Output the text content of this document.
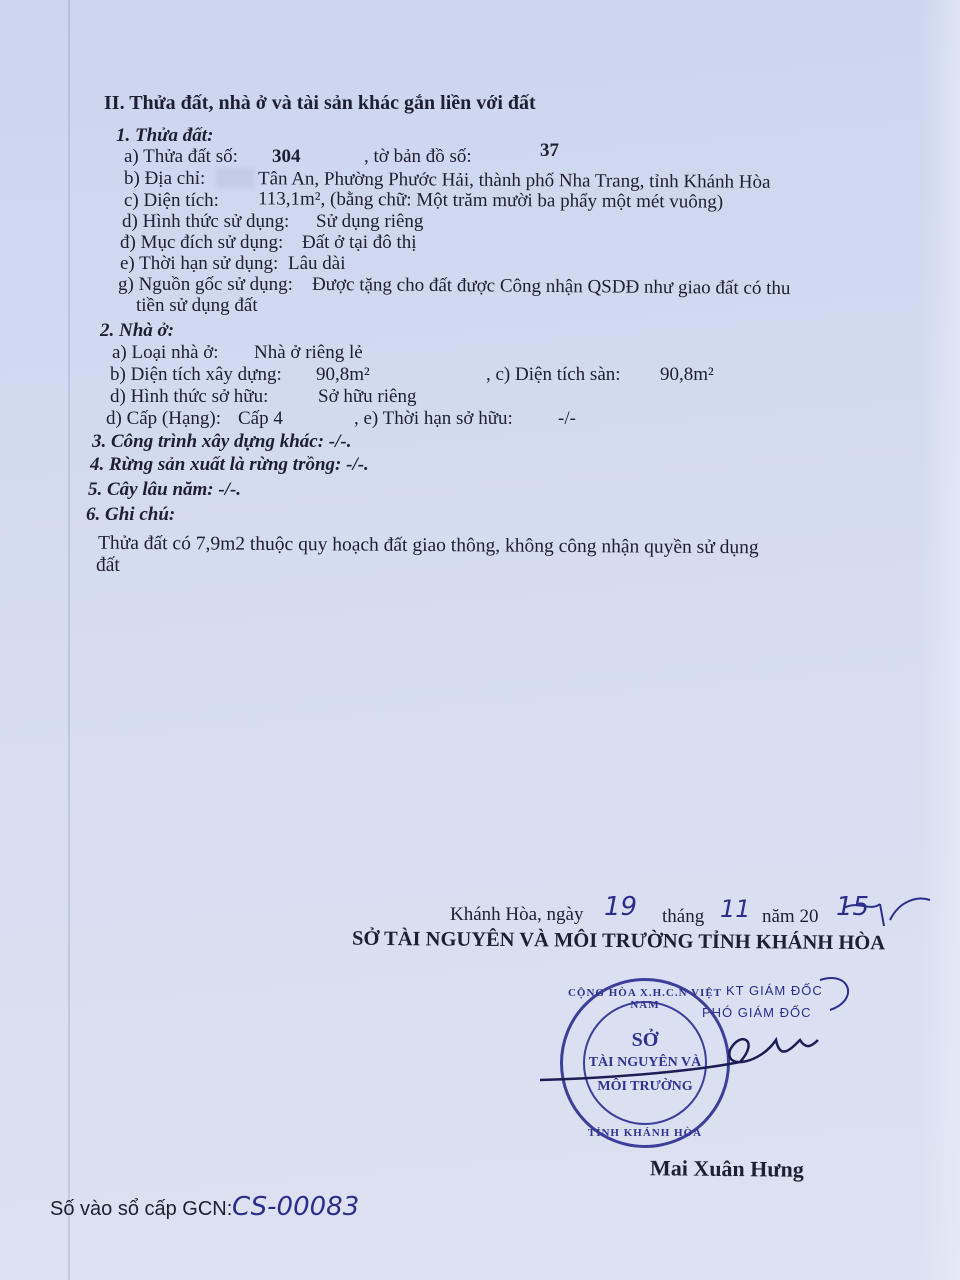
II. Thửa đất, nhà ở và tài sản khác gắn liền với đất
1. Thửa đất:
a) Thửa đất số: 304	, tờ bản đồ số:	37
b) Địa chỉ:	Tân An, Phường Phước Hải, thành phố Nha Trang, tỉnh Khánh Hòa
c) Diện tích: 113,1m², (bằng chữ: Một trăm mười ba phẩy một mét vuông)
d) Hình thức sử dụng: Sử dụng riêng
đ) Mục đích sử dụng: Đất ở tại đô thị
e) Thời hạn sử dụng: Lâu dài
g) Nguồn gốc sử dụng: Được tặng cho đất được Công nhận QSDĐ như giao đất có thu
tiền sử dụng đất
2. Nhà ở:
a) Loại nhà ở: Nhà ở riêng lẻ
b) Diện tích xây dựng: 90,8m²	, c) Diện tích sàn: 90,8m²
d) Hình thức sở hữu:	Sở hữu riêng
d) Cấp (Hạng): Cấp 4	, e) Thời hạn sở hữu: -/-
3. Công trình xây dựng khác: -/-.
4. Rừng sản xuất là rừng trồng: -/-.
5. Cây lâu năm: -/-.
6. Ghi chú:
Thửa đất có 7,9m2 thuộc quy hoạch đất giao thông, không công nhận quyền sử dụng
đất
Khánh Hòa, ngày 19 tháng 11 năm 20 15
SỞ TÀI NGUYÊN VÀ MÔI TRƯỜNG TỈNH KHÁNH HÒA
KT GIÁM ĐỐC
PHÓ GIÁM ĐỐC
CỘNG HÒA X.H.C.N VIỆT NAM
SỞ
TÀI NGUYÊN VÀ
MÔI TRƯỜNG
TỈNH KHÁNH HÒA
Mai Xuân Hưng
Số vào sổ cấp GCN: CS-00083
